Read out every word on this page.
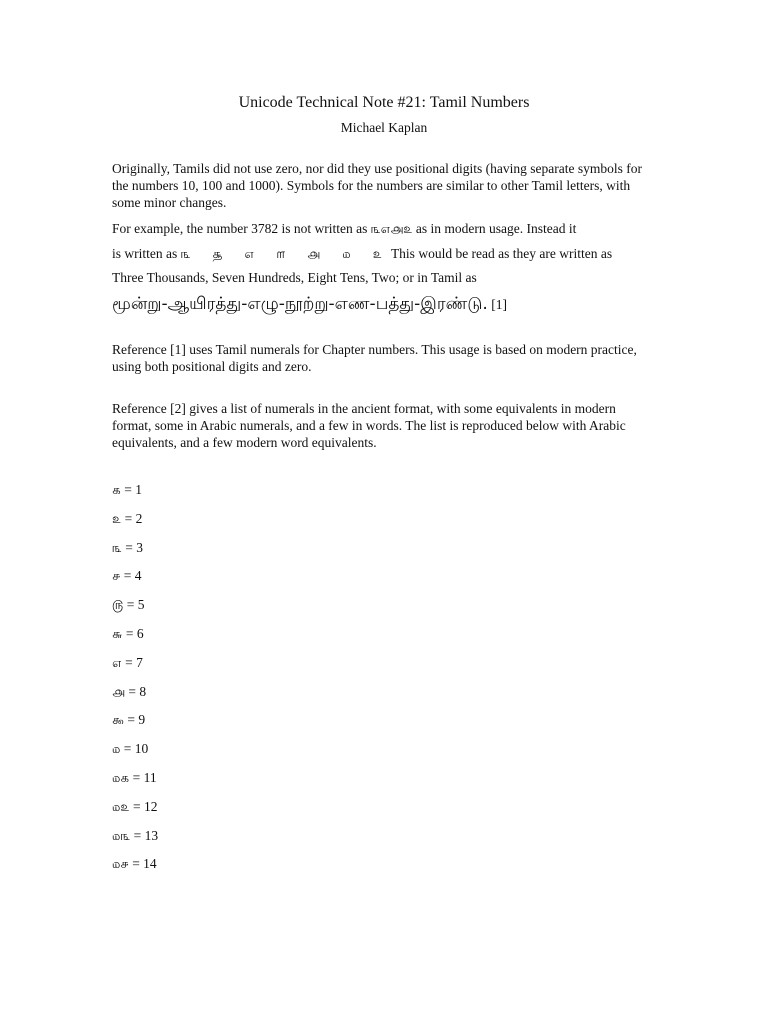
Unicode Technical Note #21: Tamil Numbers
Michael Kaplan

Originally, Tamils did not use zero, nor did they use positional digits (having separate symbols for the numbers 10, 100 and 1000). Symbols for the numbers are similar to other Tamil letters, with some minor changes.

For example, the number 3782 is not written as ௩௭௮௨ as in modern usage. Instead it
is written as ௩ ௲ ௭ ௱ ௮ ௰ ௨This would be read as they are written as
Three Thousands, Seven Hundreds, Eight Tens, Two; or in Tamil as
மூன்று-ஆயிரத்து-எழு-நூற்று-எண-பத்து-இரண்டு. [1]

Reference [1] uses Tamil numerals for Chapter numbers. This usage is based on modern practice, using both positional digits and zero.

Reference [2] gives a list of numerals in the ancient format, with some equivalents in modern format, some in Arabic numerals, and a few in words. The list is reproduced below with Arabic equivalents, and a few modern word equivalents.

௧ = 1
௨ = 2
௩ = 3
௪ = 4
௫ = 5
௬ = 6
௭ = 7
௮ = 8
௯ = 9
௰ = 10
௰௧ = 11
௰௨ = 12
௰௩ = 13
௰௪ = 14
